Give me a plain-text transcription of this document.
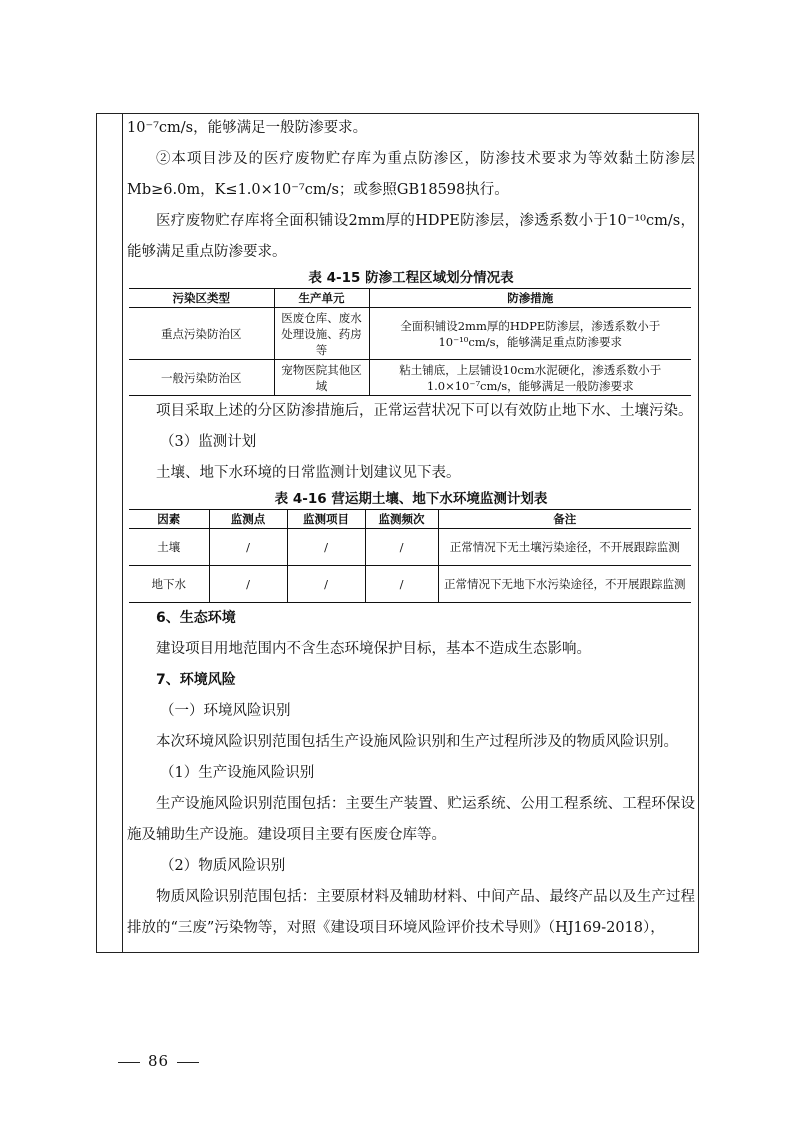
10⁻⁷cm/s，能够满足一般防渗要求。

②本项目涉及的医疗废物贮存库为重点防渗区，防渗技术要求为等效黏土防渗层Mb≥6.0m，K≤1.0×10⁻⁷cm/s；或参照GB18598执行。

医疗废物贮存库将全面积铺设2mm厚的HDPE防渗层，渗透系数小于10⁻¹⁰cm/s，能够满足重点防渗要求。

表 4-15 防渗工程区域划分情况表

污染区类型	生产单元	防渗措施
重点污染防治区	医废仓库、废水处理设施、药房等	全面积铺设2mm厚的HDPE防渗层，渗透系数小于10⁻¹⁰cm/s，能够满足重点防渗要求
一般污染防治区	宠物医院其他区域	粘土铺底，上层铺设10cm水泥硬化，渗透系数小于1.0×10⁻⁷cm/s，能够满足一般防渗要求

项目采取上述的分区防渗措施后，正常运营状况下可以有效防止地下水、土壤污染。

（3）监测计划

土壤、地下水环境的日常监测计划建议见下表。

表 4-16 营运期土壤、地下水环境监测计划表

因素	监测点	监测项目	监测频次	备注
土壤	/	/	/	正常情况下无土壤污染途径，不开展跟踪监测
地下水	/	/	/	正常情况下无地下水污染途径，不开展跟踪监测
6、生态环境

建设项目用地范围内不含生态环境保护目标，基本不造成生态影响。

7、环境风险

（一）环境风险识别

本次环境风险识别范围包括生产设施风险识别和生产过程所涉及的物质风险识别。

（1）生产设施风险识别

生产设施风险识别范围包括：主要生产装置、贮运系统、公用工程系统、工程环保设施及辅助生产设施。建设项目主要有医废仓库等。

（2）物质风险识别

物质风险识别范围包括：主要原材料及辅助材料、中间产品、最终产品以及生产过程排放的“三废”污染物等，对照《建设项目环境风险评价技术导则》（HJ169-2018），

86
